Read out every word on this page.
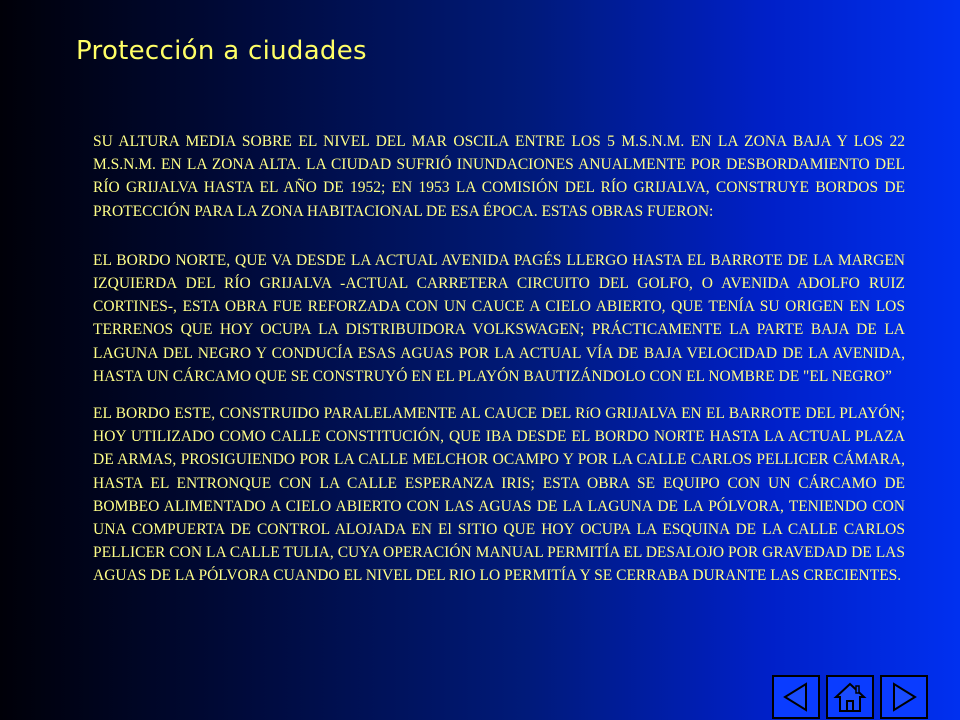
Protección a ciudades

SU ALTURA MEDIA SOBRE EL NIVEL DEL MAR OSCILA ENTRE LOS 5 M.S.N.M. EN LA ZONA BAJA Y LOS 22 M.S.N.M. EN LA ZONA ALTA. LA CIUDAD SUFRIÓ INUNDACIONES ANUALMENTE POR DESBORDAMIENTO DEL RÍO GRIJALVA HASTA EL AÑO DE 1952; EN 1953 LA COMISIÓN DEL RÍO GRIJALVA, CONSTRUYE BORDOS DE PROTECCIÓN PARA LA ZONA HABITACIONAL DE ESA ÉPOCA. ESTAS OBRAS FUERON:

EL BORDO NORTE, QUE VA DESDE LA ACTUAL AVENIDA PAGÉS LLERGO HASTA EL BARROTE DE LA MARGEN IZQUIERDA DEL RÍO GRIJALVA -ACTUAL CARRETERA CIRCUITO DEL GOLFO, O AVENIDA ADOLFO RUIZ CORTINES-, ESTA OBRA FUE REFORZADA CON UN CAUCE A CIELO ABIERTO, QUE TENÍA SU ORIGEN EN LOS TERRENOS QUE HOY OCUPA LA DISTRIBUIDORA VOLKSWAGEN; PRÁCTICAMENTE LA PARTE BAJA DE LA LAGUNA DEL NEGRO Y CONDUCÍA ESAS AGUAS POR LA ACTUAL VÍA DE BAJA VELOCIDAD DE LA AVENIDA, HASTA UN CÁRCAMO QUE SE CONSTRUYÓ EN EL PLAYÓN BAUTIZÁNDOLO CON EL NOMBRE DE "EL NEGRO”

EL BORDO ESTE, CONSTRUIDO PARALELAMENTE AL CAUCE DEL RíO GRIJALVA EN EL BARROTE DEL PLAYÓN; HOY UTILIZADO COMO CALLE CONSTITUCIÓN, QUE IBA DESDE EL BORDO NORTE HASTA LA ACTUAL PLAZA DE ARMAS, PROSIGUIENDO POR LA CALLE MELCHOR OCAMPO Y POR LA CALLE CARLOS PELLICER CÁMARA, HASTA EL ENTRONQUE CON LA CALLE ESPERANZA IRIS; ESTA OBRA SE EQUIPO CON UN CÁRCAMO DE BOMBEO ALIMENTADO A CIELO ABIERTO CON LAS AGUAS DE LA LAGUNA DE LA PÓLVORA, TENIENDO CON UNA COMPUERTA DE CONTROL ALOJADA EN El SITIO QUE HOY OCUPA LA ESQUINA DE LA CALLE CARLOS PELLICER CON LA CALLE TULIA, CUYA OPERACIÓN MANUAL PERMITÍA EL DESALOJO POR GRAVEDAD DE LAS AGUAS DE LA PÓLVORA CUANDO EL NIVEL DEL RIO LO PERMITÍA Y SE CERRABA DURANTE LAS CRECIENTES.
